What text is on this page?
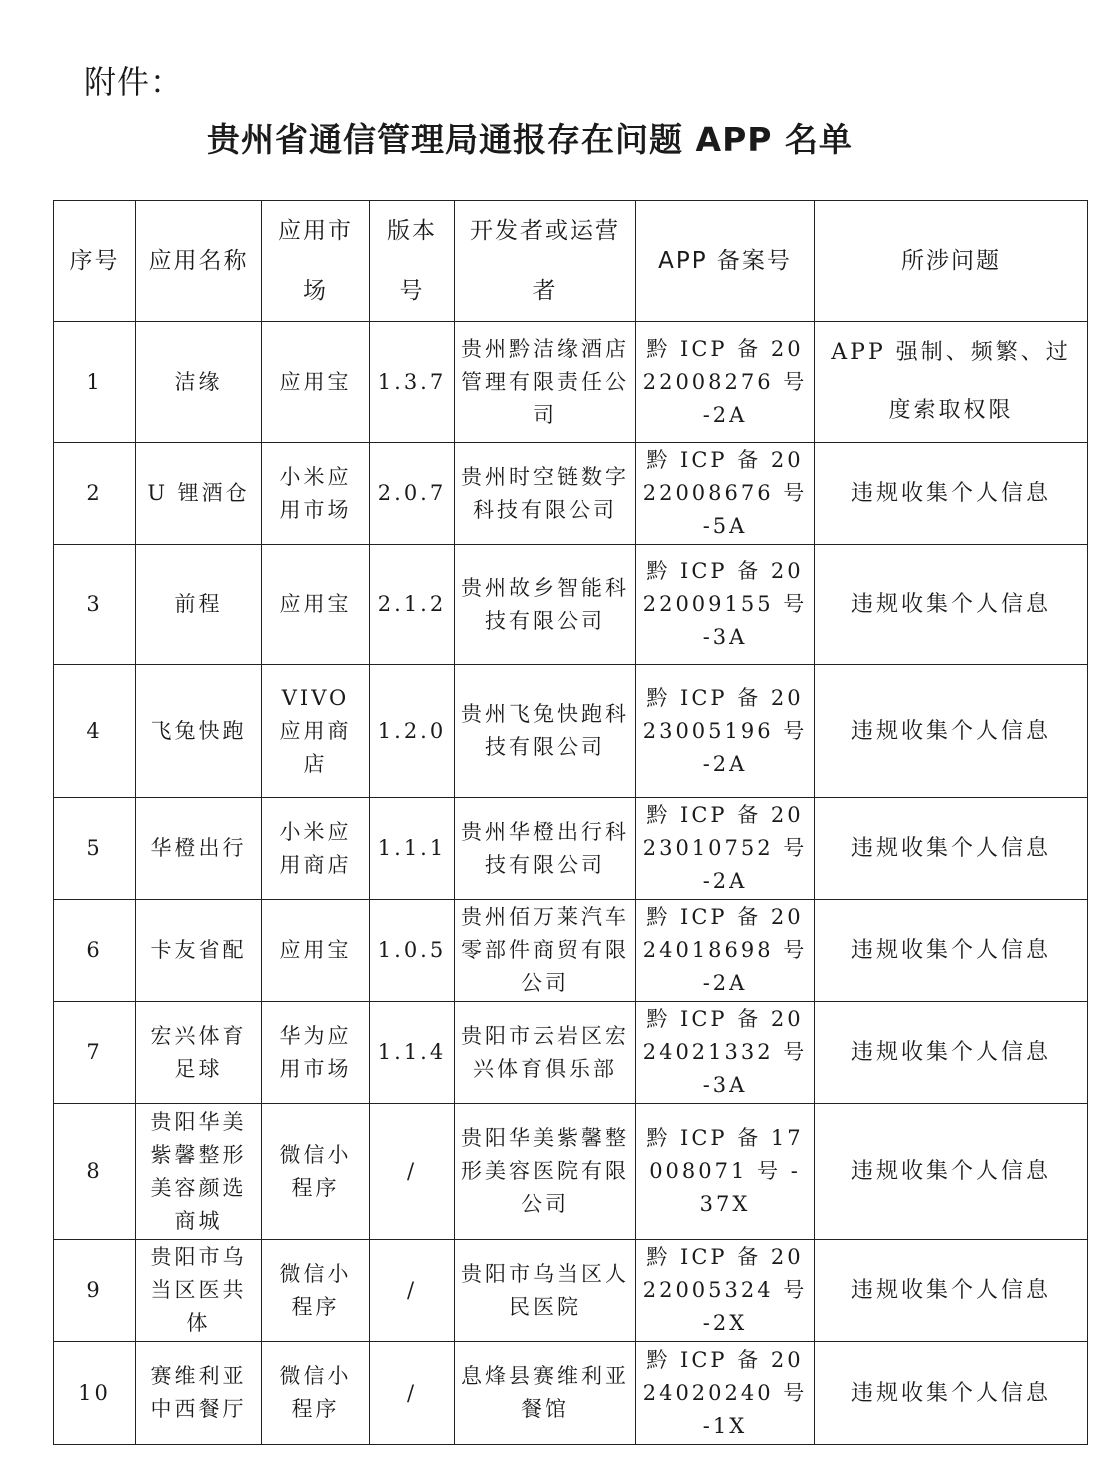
附件：
贵州省通信管理局通报存在问题 APP 名单
序号	应用名称	应用市场	版本号	开发者或运营者	APP 备案号	所涉问题
1	洁缘	应用宝	1.3.7	贵州黔洁缘酒店管理有限责任公司	黔 ICP 备 2022008276 号 -2A	APP 强制、频繁、过度索取权限
2	U 锂酒仓	小米应用市场	2.0.7	贵州时空链数字科技有限公司	黔 ICP 备 2022008676 号 -5A	违规收集个人信息
3	前程	应用宝	2.1.2	贵州故乡智能科技有限公司	黔 ICP 备 2022009155 号 -3A	违规收集个人信息
4	飞兔快跑	VIVO 应用商店	1.2.0	贵州飞兔快跑科技有限公司	黔 ICP 备 2023005196 号 -2A	违规收集个人信息
5	华橙出行	小米应用商店	1.1.1	贵州华橙出行科技有限公司	黔 ICP 备 2023010752 号 -2A	违规收集个人信息
6	卡友省配	应用宝	1.0.5	贵州佰万莱汽车零部件商贸有限公司	黔 ICP 备 2024018698 号 -2A	违规收集个人信息
7	宏兴体育足球	华为应用市场	1.1.4	贵阳市云岩区宏兴体育俱乐部	黔 ICP 备 2024021332 号 -3A	违规收集个人信息
8	贵阳华美紫馨整形美容颜选商城	微信小程序	/	贵阳华美紫馨整形美容医院有限公司	黔 ICP 备 17008071 号 -37X	违规收集个人信息
9	贵阳市乌当区医共体	微信小程序	/	贵阳市乌当区人民医院	黔 ICP 备 2022005324 号 -2X	违规收集个人信息
10	赛维利亚中西餐厅	微信小程序	/	息烽县赛维利亚餐馆	黔 ICP 备 2024020240 号 -1X	违规收集个人信息
